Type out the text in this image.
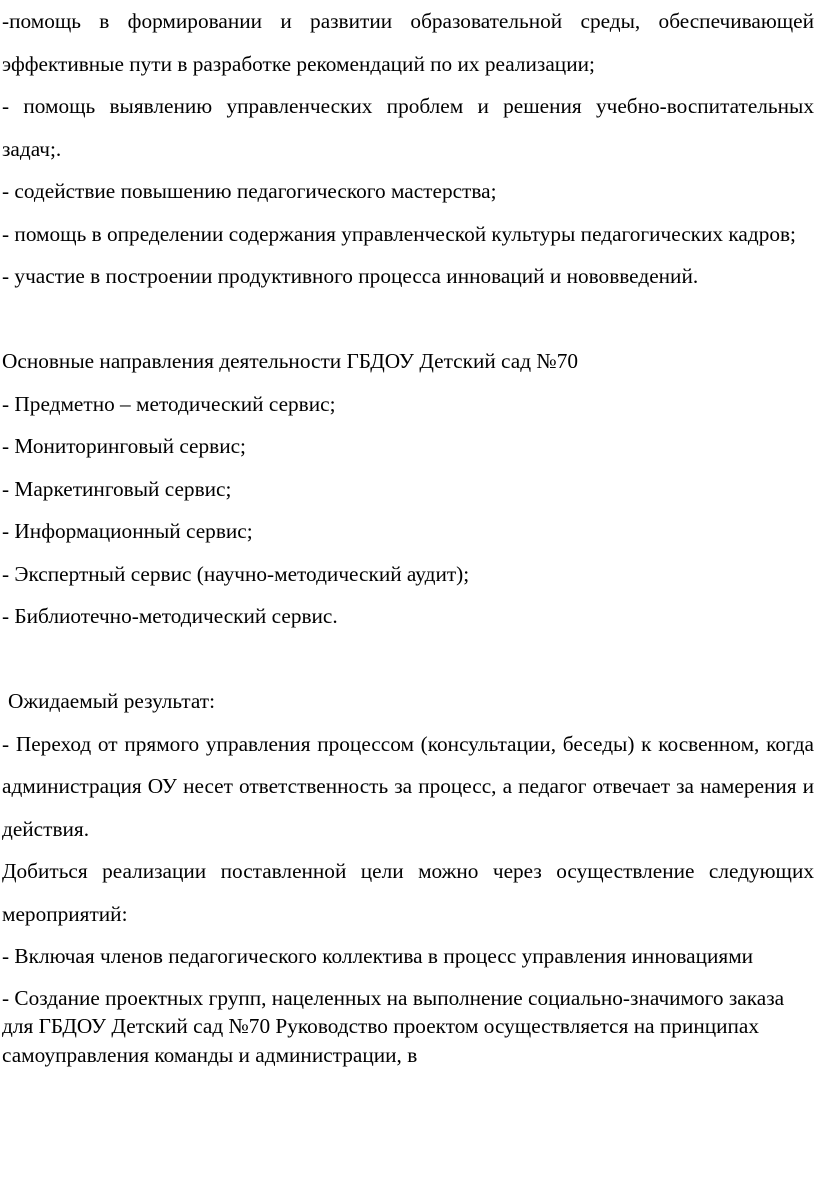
-помощь в формировании и развитии образовательной среды, обеспечивающей эффективные пути в разработке рекомендаций по их реализации;

- помощь выявлению управленческих проблем и решения учебно-воспитательных задач;.

- содействие повышению педагогического мастерства;

- помощь в определении содержания управленческой культуры педагогических кадров;

- участие в построении продуктивного процесса инноваций и нововведений.

Основные направления деятельности ГБДОУ Детский сад №70

- Предметно – методический сервис;

- Мониторинговый сервис;

- Маркетинговый сервис;

- Информационный сервис;

- Экспертный сервис (научно-методический аудит);

- Библиотечно-методический сервис.

Ожидаемый результат:

- Переход от прямого управления процессом (консультации, беседы) к косвенном, когда администрация ОУ несет ответственность за процесс, а педагог отвечает за намерения и действия.

Добиться реализации поставленной цели можно через осуществление следующих мероприятий:

- Включая членов педагогического коллектива в процесс управления инновациями

- Создание проектных групп, нацеленных на выполнение социально-значимого заказа для ГБДОУ Детский сад №70 Руководство проектом осуществляется на принципах самоуправления команды и администрации, в
